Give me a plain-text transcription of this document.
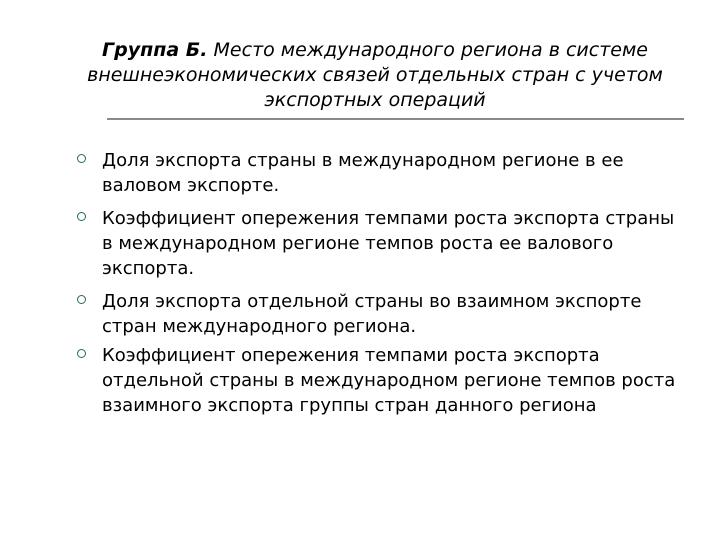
Группа Б. Место международного региона в системе внешнеэкономических связей отдельных стран с учетом экспортных операций
Доля экспорта страны в международном регионе в ее валовом экспорте.
Коэффициент опережения темпами роста экспорта страны в международном регионе темпов роста ее валового экспорта.
Доля экспорта отдельной страны во взаимном экспорте стран международного региона.
Коэффициент опережения темпами роста экспорта отдельной страны в международном регионе темпов роста взаимного экспорта группы стран данного региона
